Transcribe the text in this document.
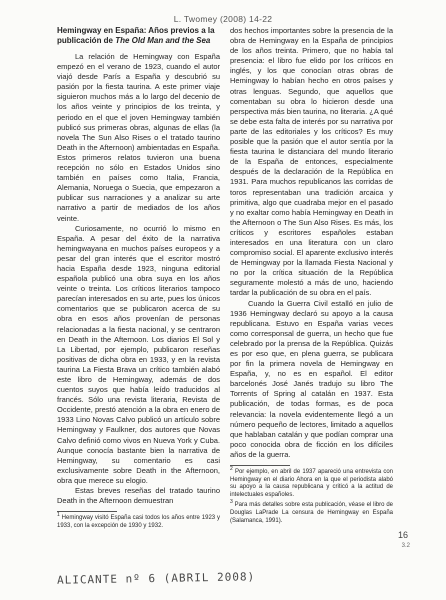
L. Twomey (2008) 14-22
Hemingway en España: Años previos a la publicación de The Old Man and the Sea

La relación de Hemingway con España empezó en el verano de 1923, cuando el autor viajó desde París a España y descubrió su pasión por la fiesta taurina. A este primer viaje siguieron muchos más a lo largo del decenio de los años veinte y principios de los treinta, y periodo en el que el joven Hemingway también publicó sus primeras obras, algunas de ellas (la novela The Sun Also Rises o el tratado taurino Death in the Afternoon) ambientadas en España. Estos primeros relatos tuvieron una buena recepción no sólo en Estados Unidos sino también en países como Italia, Francia, Alemania, Noruega o Suecia, que empezaron a publicar sus narraciones y a analizar su arte narrativo a partir de mediados de los años veinte.

Curiosamente, no ocurrió lo mismo en España. A pesar del éxito de la narrativa hemingwayana en muchos países europeos y a pesar del gran interés que el escritor mostró hacia España desde 1923, ninguna editorial española publicó una obra suya en los años veinte o treinta. Los críticos literarios tampoco parecían interesados en su arte, pues los únicos comentarios que se publicaron acerca de su obra en esos años provenían de personas relacionadas a la fiesta nacional, y se centraron en Death in the Afternoon. Los diarios El Sol y La Libertad, por ejemplo, publicaron reseñas positivas de dicha obra en 1933, y en la revista taurina La Fiesta Brava un crítico también alabó este libro de Hemingway, además de dos cuentos suyos que había leído traducidos al francés. Sólo una revista literaria, Revista de Occidente, prestó atención a la obra en enero de 1933 Lino Novas Calvo publicó un artículo sobre Hemingway y Faulkner, dos autores que Novas Calvo definió como vivos en Nueva York y Cuba. Aunque conocía bastante bien la narrativa de Hemingway, su comentario es casi exclusivamente sobre Death in the Afternoon, obra que merece su elogio.

Estas breves reseñas del tratado taurino Death in the Afternoon demuestran

$^1$ Hemingway visitó España casi todos los años entre 1923 y 1933, con la excepción de 1930 y 1932.

dos hechos importantes sobre la presencia de la obra de Hemingway en la España de principios de los años treinta. Primero, que no había tal presencia: el libro fue elido por los críticos en inglés, y los que conocían otras obras de Hemingway lo habían hecho en otros países y otras lenguas. Segundo, que aquellos que comentaban su obra lo hicieron desde una perspectiva más bien taurina, no literaria. ¿A qué se debe esta falta de interés por su narrativa por parte de las editoriales y los críticos? Es muy posible que la pasión que el autor sentía por la fiesta taurina le distanciara del mundo literario de la España de entonces, especialmente después de la declaración de la República en 1931. Para muchos republicanos las corridas de toros representaban una tradición arcaica y primitiva, algo que cuadraba mejor en el pasado y no exaltar como había Hemingway en Death in the Afternoon o The Sun Also Rises. Es más, los críticos y escritores españoles estaban interesados en una literatura con un claro compromiso social. El aparente exclusivo interés de Hemingway por la llamada Fiesta Nacional y no por la crítica situación de la República seguramente molestó a más de uno, haciendo tardar la publicación de su obra en el país.

Cuando la Guerra Civil estalló en julio de 1936 Hemingway declaró su apoyo a la causa republicana. Estuvo en España varias veces como corresponsal de guerra, un hecho que fue celebrado por la prensa de la República. Quizás es por eso que, en plena guerra, se publicara por fin la primera novela de Hemingway en España, y, no es en español. El editor barcelonés José Janés tradujo su libro The Torrents of Spring al catalán en 1937. Esta publicación, de todas formas, es de poca relevancia: la novela evidentemente llegó a un número pequeño de lectores, limitado a aquellos que hablaban catalán y que podían comprar una poco conocida obra de ficción en los difíciles años de la guerra.

$^2$ Por ejemplo, en abril de 1937 apareció una entrevista con Hemingway en el diario Ahora en la que el periodista alabó su apoyo a la causa republicana y criticó a la actitud de intelectuales españoles.
$^3$ Para más detalles sobre esta publicación, véase el libro de Douglas LaPrade La censura de Hemingway en España (Salamanca, 1991).
16
3.2
ALICANTE nº 6 (ABRIL 2008)
